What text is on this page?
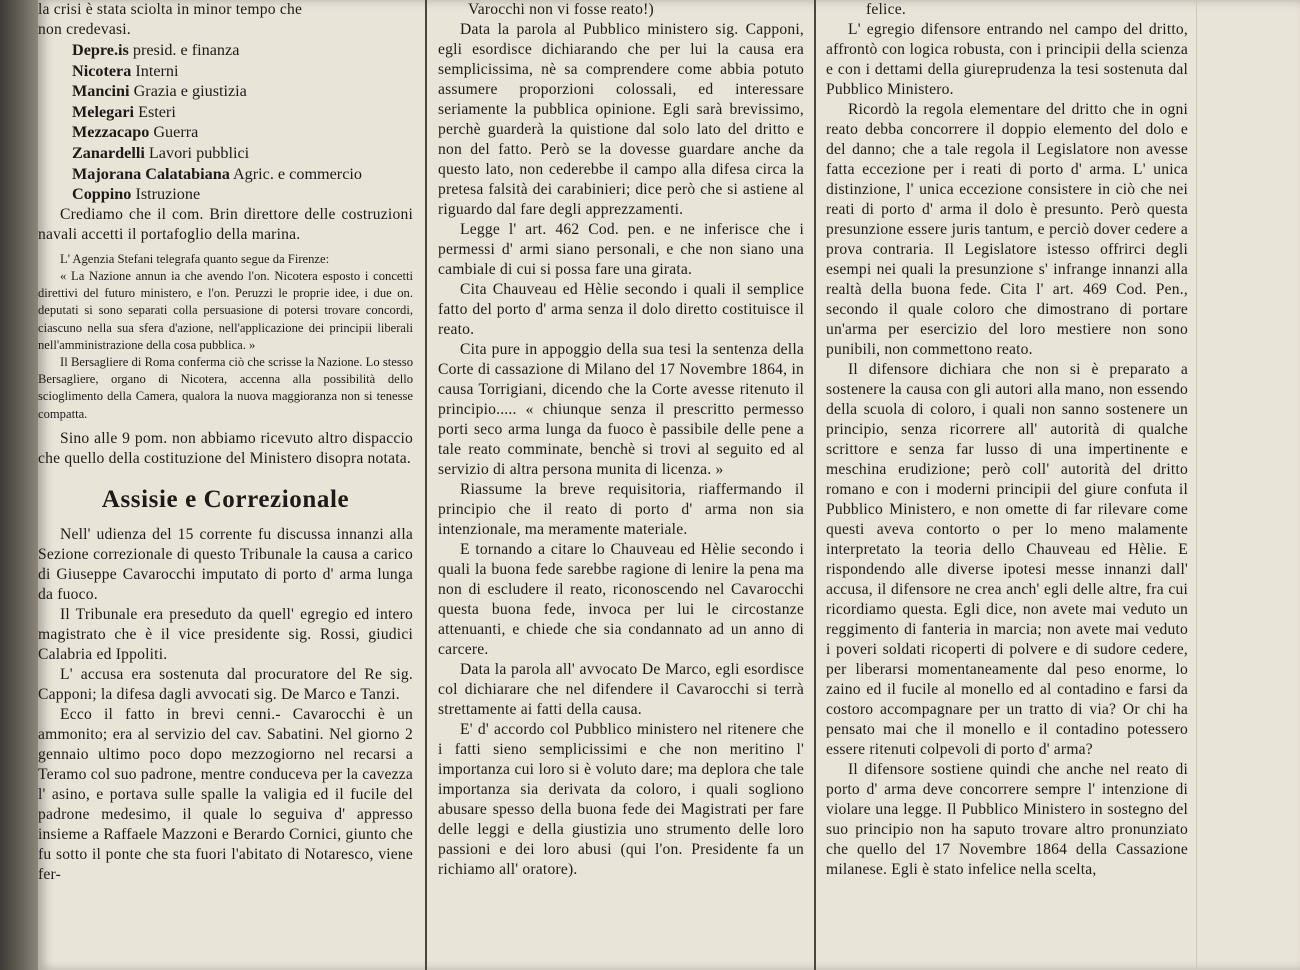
la crisi è stata sciolta in minor tempo che

non credevasi.

Depre.is presid. e finanza
Nicotera Interni
Mancini Grazia e giustizia
Melegari Esteri
Mezzacapo Guerra
Zanardelli Lavori pubblici
Majorana Calatabiana Agric. e commercio
Coppino Istruzione

Crediamo che il com. Brin direttore delle costruzioni navali accetti il portafoglio della marina.

L' Agenzia Stefani telegrafa quanto segue da Firenze:

« La Nazione annun ia che avendo l'on. Nicotera esposto i concetti direttivi del futuro ministero, e l'on. Peruzzi le proprie idee, i due on. deputati si sono separati colla persuasione di potersi trovare concordi, ciascuno nella sua sfera d'azione, nell'applicazione dei principii liberali nell'amministrazione della cosa pubblica. »

Il Bersagliere di Roma conferma ciò che scrisse la Nazione. Lo stesso Bersagliere, organo di Nicotera, accenna alla possibilità dello scioglimento della Camera, qualora la nuova maggioranza non si tenesse compatta.

Sino alle 9 pom. non abbiamo ricevuto altro dispaccio che quello della costituzione del Ministero disopra notata.

Assisie e Correzionale

Nell' udienza del 15 corrente fu discussa innanzi alla Sezione correzionale di questo Tribunale la causa a carico di Giuseppe Cavarocchi imputato di porto d' arma lunga da fuoco.

Il Tribunale era preseduto da quell' egregio ed intero magistrato che è il vice presidente sig. Rossi, giudici Calabria ed Ippoliti.

L' accusa era sostenuta dal procuratore del Re sig. Capponi; la difesa dagli avvocati sig. De Marco e Tanzi.

Ecco il fatto in brevi cenni.- Cavarocchi è un ammonito; era al servizio del cav. Sabatini. Nel giorno 2 gennaio ultimo poco dopo mezzogiorno nel recarsi a Teramo col suo padrone, mentre conduceva per la cavezza l' asino, e portava sulle spalle la valigia ed il fucile del padrone medesimo, il quale lo seguiva d' appresso insieme a Raffaele Mazzoni e Berardo Cornici, giunto che fu sotto il ponte che sta fuori l'abitato di Notaresco, viene fer-

Varocchi non vi fosse reato!)

Data la parola al Pubblico ministero sig. Capponi, egli esordisce dichiarando che per lui la causa era semplicissima, nè sa comprendere come abbia potuto assumere proporzioni colossali, ed interessare seriamente la pubblica opinione. Egli sarà brevissimo, perchè guarderà la quistione dal solo lato del dritto e non del fatto. Però se la dovesse guardare anche da questo lato, non cederebbe il campo alla difesa circa la pretesa falsità dei carabinieri; dice però che si astiene al riguardo dal fare degli apprezzamenti.

Legge l' art. 462 Cod. pen. e ne inferisce che i permessi d' armi siano personali, e che non siano una cambiale di cui si possa fare una girata.

Cita Chauveau ed Hèlie secondo i quali il semplice fatto del porto d' arma senza il dolo diretto costituisce il reato.

Cita pure in appoggio della sua tesi la sentenza della Corte di cassazione di Milano del 17 Novembre 1864, in causa Torrigiani, dicendo che la Corte avesse ritenuto il principio..... « chiunque senza il prescritto permesso porti seco arma lunga da fuoco è passibile delle pene a tale reato comminate, benchè si trovi al seguito ed al servizio di altra persona munita di licenza. »

Riassume la breve requisitoria, riaffermando il principio che il reato di porto d' arma non sia intenzionale, ma meramente materiale.

E tornando a citare lo Chauveau ed Hèlie secondo i quali la buona fede sarebbe ragione di lenire la pena ma non di escludere il reato, riconoscendo nel Cavarocchi questa buona fede, invoca per lui le circostanze attenuanti, e chiede che sia condannato ad un anno di carcere.

Data la parola all' avvocato De Marco, egli esordisce col dichiarare che nel difendere il Cavarocchi si terrà strettamente ai fatti della causa.

E' d' accordo col Pubblico ministero nel ritenere che i fatti sieno semplicissimi e che non meritino l' importanza cui loro si è voluto dare; ma deplora che tale importanza sia derivata da coloro, i quali sogliono abusare spesso della buona fede dei Magistrati per fare delle leggi e della giustizia uno strumento delle loro passioni e dei loro abusi (qui l'on. Presidente fa un richiamo all' oratore).

felice.

L' egregio difensore entrando nel campo del dritto, affrontò con logica robusta, con i principii della scienza e con i dettami della giureprudenza la tesi sostenuta dal Pubblico Ministero.

Ricordò la regola elementare del dritto che in ogni reato debba concorrere il doppio elemento del dolo e del danno; che a tale regola il Legislatore non avesse fatta eccezione per i reati di porto d' arma. L' unica distinzione, l' unica eccezione consistere in ciò che nei reati di porto d' arma il dolo è presunto. Però questa presunzione essere juris tantum, e perciò dover cedere a prova contraria. Il Legislatore istesso offrirci degli esempi nei quali la presunzione s' infrange innanzi alla realtà della buona fede. Cita l' art. 469 Cod. Pen., secondo il quale coloro che dimostrano di portare un'arma per esercizio del loro mestiere non sono punibili, non commettono reato.

Il difensore dichiara che non si è preparato a sostenere la causa con gli autori alla mano, non essendo della scuola di coloro, i quali non sanno sostenere un principio, senza ricorrere all' autorità di qualche scrittore e senza far lusso di una impertinente e meschina erudizione; però coll' autorità del dritto romano e con i moderni principii del giure confuta il Pubblico Ministero, e non omette di far rilevare come questi aveva contorto o per lo meno malamente interpretato la teoria dello Chauveau ed Hèlie. E rispondendo alle diverse ipotesi messe innanzi dall' accusa, il difensore ne crea anch' egli delle altre, fra cui ricordiamo questa. Egli dice, non avete mai veduto un reggimento di fanteria in marcia; non avete mai veduto i poveri soldati ricoperti di polvere e di sudore cedere, per liberarsi momentaneamente dal peso enorme, lo zaino ed il fucile al monello ed al contadino e farsi da costoro accompagnare per un tratto di via? Or chi ha pensato mai che il monello e il contadino potessero essere ritenuti colpevoli di porto d' arma?

Il difensore sostiene quindi che anche nel reato di porto d' arma deve concorrere sempre l' intenzione di violare una legge. Il Pubblico Ministero in sostegno del suo principio non ha saputo trovare altro pronunziato che quello del 17 Novembre 1864 della Cassazione milanese. Egli è stato infelice nella scelta,
